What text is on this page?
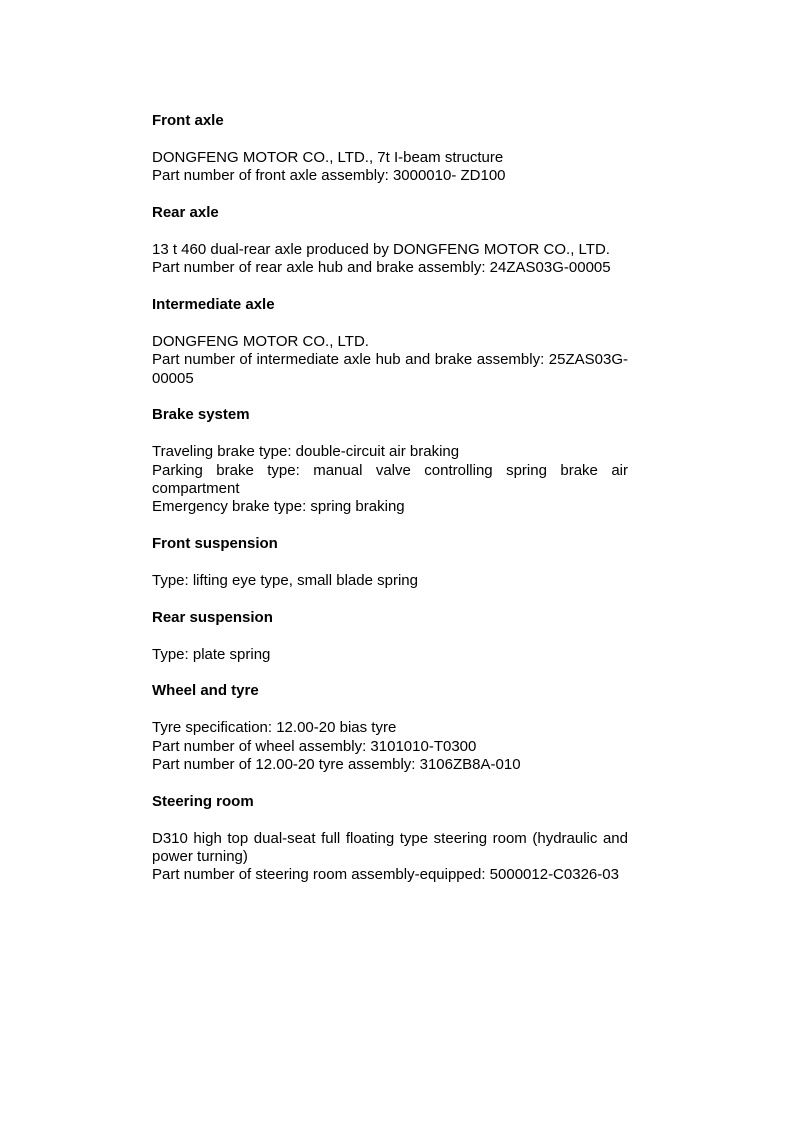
Front axle
DONGFENG MOTOR CO., LTD., 7t I-beam structure
Part number of front axle assembly: 3000010- ZD100
Rear axle
13 t 460 dual-rear axle produced by DONGFENG MOTOR CO., LTD.
Part number of rear axle hub and brake assembly: 24ZAS03G-00005
Intermediate axle
DONGFENG MOTOR CO., LTD.
Part number of intermediate axle hub and brake assembly: 25ZAS03G-00005
Brake system
Traveling brake type: double-circuit air braking
Parking brake type: manual valve controlling spring brake air compartment
Emergency brake type: spring braking
Front suspension
Type: lifting eye type, small blade spring
Rear suspension
Type: plate spring
Wheel and tyre
Tyre specification: 12.00-20 bias tyre
Part number of wheel assembly: 3101010-T0300
Part number of 12.00-20 tyre assembly: 3106ZB8A-010
Steering room
D310 high top dual-seat full floating type steering room (hydraulic and power turning)
Part number of steering room assembly-equipped: 5000012-C0326-03
